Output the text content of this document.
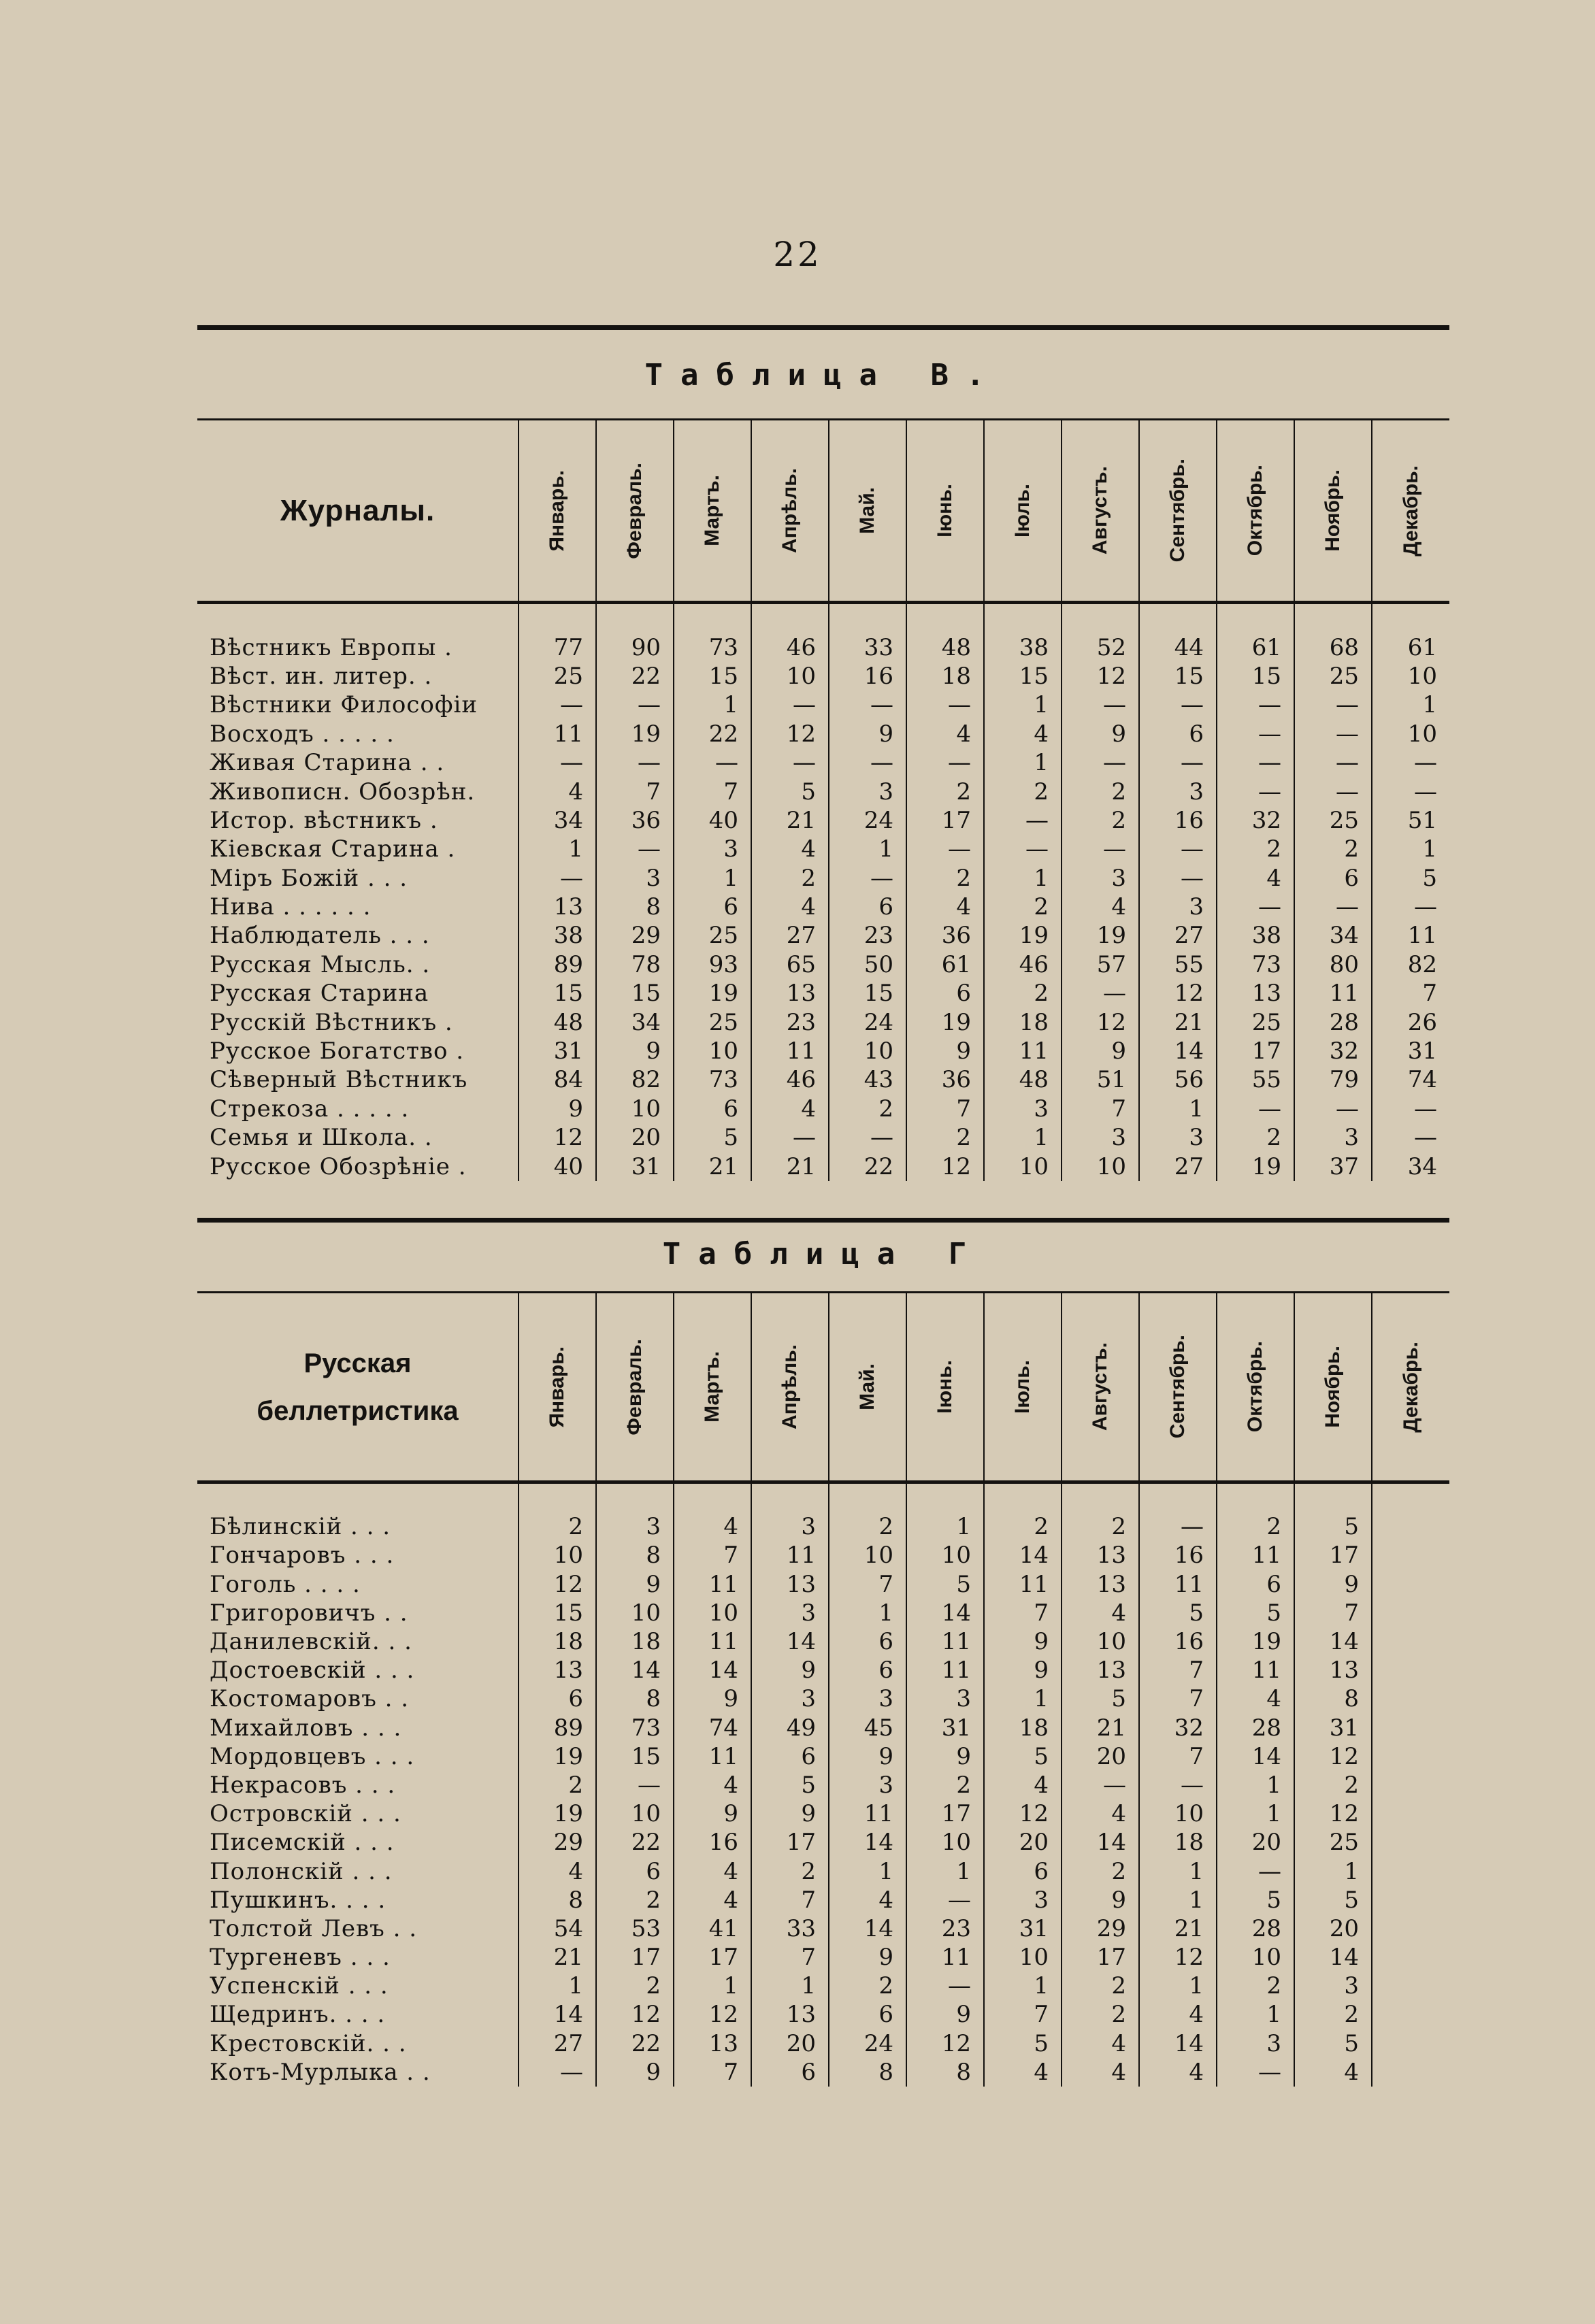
22
Таблица В.
Журналы.	Январь.	Февраль.	Мартъ.	Апрѣль.	Май.	Іюнь.	Іюль.	Августъ.	Сентябрь.	Октябрь.	Ноябрь.	Декабрь.

Вѣстникъ Европы .	77	90	73	46	33	48	38	52	44	61	68	61
Вѣст. ин. литер. .	25	22	15	10	16	18	15	12	15	15	25	10
Вѣстники Философіи	—	—	1	—	—	—	1	—	—	—	—	1
Восходъ . . . . .	11	19	22	12	9	4	4	9	6	—	—	10
Живая Старина . .	—	—	—	—	—	—	1	—	—	—	—	—
Живописн. Обозрѣн.	4	7	7	5	3	2	2	2	3	—	—	—
Истор. вѣстникъ .	34	36	40	21	24	17	—	2	16	32	25	51
Кіевская Старина .	1	—	3	4	1	—	—	—	—	2	2	1
Міръ Божій . . .	—	3	1	2	—	2	1	3	—	4	6	5
Нива . . . . . .	13	8	6	4	6	4	2	4	3	—	—	—
Наблюдатель . . .	38	29	25	27	23	36	19	19	27	38	34	11
Русская Мысль. .	89	78	93	65	50	61	46	57	55	73	80	82
Русская Старина	15	15	19	13	15	6	2	—	12	13	11	7
Русскій Вѣстникъ .	48	34	25	23	24	19	18	12	21	25	28	26
Русское Богатство .	31	9	10	11	10	9	11	9	14	17	32	31
Сѣверный Вѣстникъ	84	82	73	46	43	36	48	51	56	55	79	74
Стрекоза . . . . .	9	10	6	4	2	7	3	7	1	—	—	—
Семья и Школа. .	12	20	5	—	—	2	1	3	3	2	3	—
Русское Обозрѣніе .	40	31	21	21	22	12	10	10	27	19	37	34
Таблица Г
Русская
беллетристика	Январь.	Февраль.	Мартъ.	Апрѣль.	Май.	Іюнь.	Іюль.	Августъ.	Сентябрь.	Октябрь.	Ноябрь.	Декабрь.

Бѣлинскій . . .	2	3	4	3	2	1	2	2	—	2	5	
Гончаровъ . . .	10	8	7	11	10	10	14	13	16	11	17	
Гоголь . . . .	12	9	11	13	7	5	11	13	11	6	9	
Григоровичъ . .	15	10	10	3	1	14	7	4	5	5	7	
Данилевскій. . .	18	18	11	14	6	11	9	10	16	19	14	
Достоевскій . . .	13	14	14	9	6	11	9	13	7	11	13	
Костомаровъ . .	6	8	9	3	3	3	1	5	7	4	8	
Михайловъ . . .	89	73	74	49	45	31	18	21	32	28	31	
Мордовцевъ . . .	19	15	11	6	9	9	5	20	7	14	12	
Некрасовъ . . .	2	—	4	5	3	2	4	—	—	1	2	
Островскій . . .	19	10	9	9	11	17	12	4	10	1	12	
Писемскій . . .	29	22	16	17	14	10	20	14	18	20	25	
Полонскій . . .	4	6	4	2	1	1	6	2	1	—	1	
Пушкинъ. . . .	8	2	4	7	4	—	3	9	1	5	5	
Толстой Левъ . .	54	53	41	33	14	23	31	29	21	28	20	
Тургеневъ . . .	21	17	17	7	9	11	10	17	12	10	14	
Успенскій . . .	1	2	1	1	2	—	1	2	1	2	3	
Щедринъ. . . .	14	12	12	13	6	9	7	2	4	1	2	
Крестовскій. . .	27	22	13	20	24	12	5	4	14	3	5	
Котъ-Мурлыка . .	—	9	7	6	8	8	4	4	4	—	4	
